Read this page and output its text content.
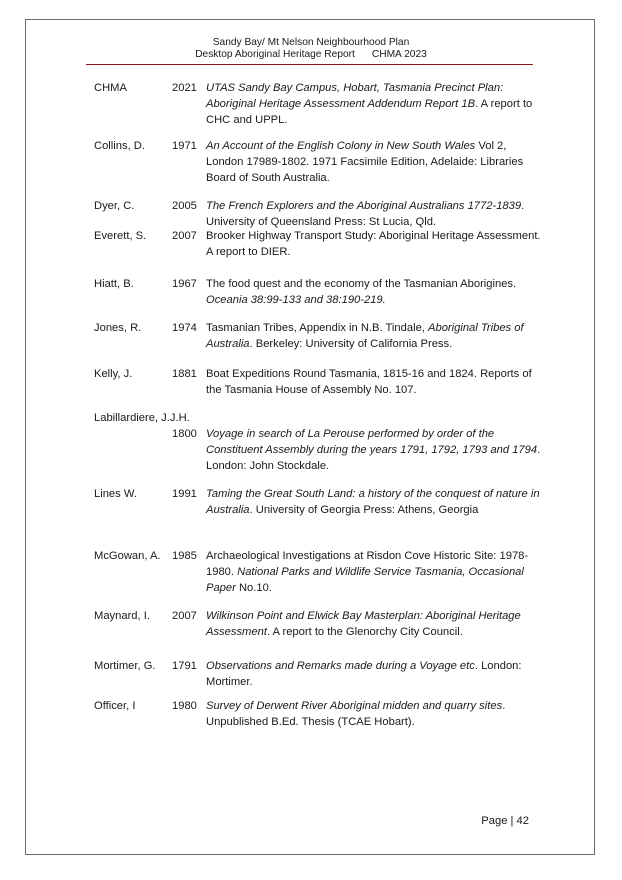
Sandy Bay/ Mt Nelson Neighbourhood Plan
Desktop Aboriginal Heritage Report      CHMA 2023
CHMA	2021 UTAS Sandy Bay Campus, Hobart, Tasmania Precinct Plan: Aboriginal Heritage Assessment Addendum Report 1B. A report to CHC and UPPL.
Collins, D.	1971 An Account of the English Colony in New South Wales Vol 2, London 17989-1802. 1971 Facsimile Edition, Adelaide: Libraries Board of South Australia.
Dyer, C.	2005 The French Explorers and the Aboriginal Australians 1772-1839. University of Queensland Press: St Lucia, Qld.
Everett, S.	2007 Brooker Highway Transport Study: Aboriginal Heritage Assessment. A report to DIER.
Hiatt, B.	1967 The food quest and the economy of the Tasmanian Aborigines. Oceania 38:99-133 and 38:190-219.
Jones, R.	1974 Tasmanian Tribes, Appendix in N.B. Tindale, Aboriginal Tribes of Australia. Berkeley: University of California Press.
Kelly, J.	1881 Boat Expeditions Round Tasmania, 1815-16 and 1824. Reports of the Tasmania House of Assembly No. 107.
Labillardiere, J.J.H.
1800 Voyage in search of La Perouse performed by order of the Constituent Assembly during the years 1791, 1792, 1793 and 1794. London: John Stockdale.
Lines W.	1991 Taming the Great South Land: a history of the conquest of nature in Australia. University of Georgia Press: Athens, Georgia
McGowan, A.	1985 Archaeological Investigations at Risdon Cove Historic Site: 1978-1980. National Parks and Wildlife Service Tasmania, Occasional Paper No.10.
Maynard, I.	2007 Wilkinson Point and Elwick Bay Masterplan: Aboriginal Heritage Assessment. A report to the Glenorchy City Council.
Mortimer, G.	1791 Observations and Remarks made during a Voyage etc. London: Mortimer.
Officer, I	1980 Survey of Derwent River Aboriginal midden and quarry sites. Unpublished B.Ed. Thesis (TCAE Hobart).
Page | 42
